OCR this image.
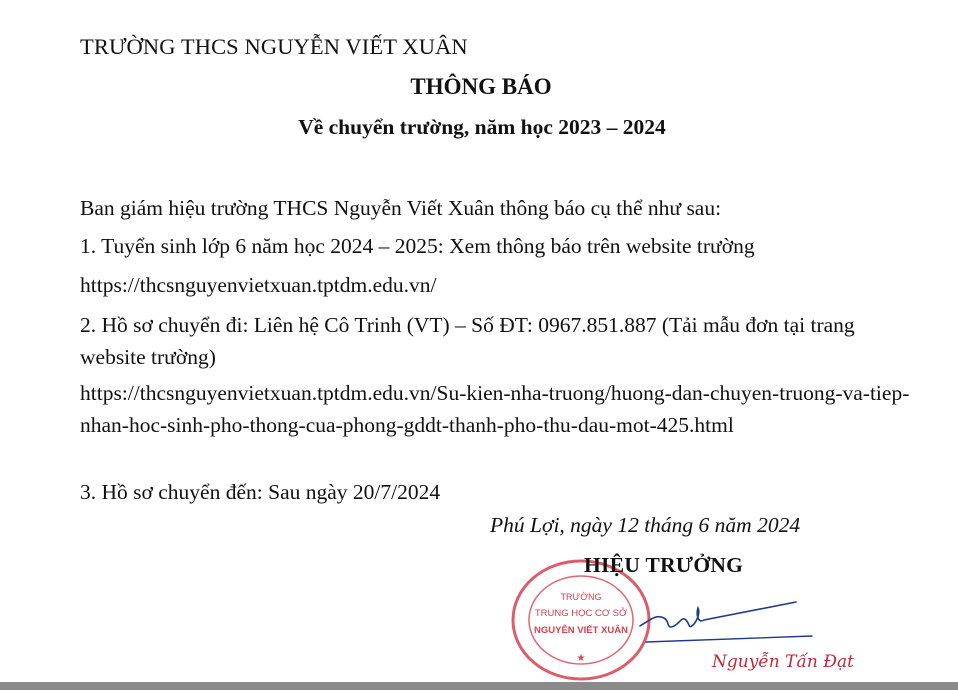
TRƯỜNG THCS NGUYỄN VIẾT XUÂN
THÔNG BÁO
Về chuyển trường, năm học 2023 – 2024
Ban giám hiệu trường THCS Nguyễn Viết Xuân thông báo cụ thể như sau:
1. Tuyển sinh lớp 6 năm học 2024 – 2025: Xem thông báo trên website trường
https://thcsnguyenvietxuan.tptdm.edu.vn/
2. Hồ sơ chuyển đi: Liên hệ Cô Trinh (VT) – Số ĐT: 0967.851.887 (Tải mẫu đơn tại trang website trường)
https://thcsnguyenvietxuan.tptdm.edu.vn/Su-kien-nha-truong/huong-dan-chuyen-truong-va-tiep-nhan-hoc-sinh-pho-thong-cua-phong-gddt-thanh-pho-thu-dau-mot-425.html
3. Hồ sơ chuyển đến: Sau ngày 20/7/2024
Phú Lợi, ngày 12 tháng 6 năm 2024
TRƯỜNG
TRUNG HỌC CƠ SỞ
NGUYỄN VIẾT XUÂN
★
HIỆU TRƯỞNG
Nguyễn Tấn Đạt
